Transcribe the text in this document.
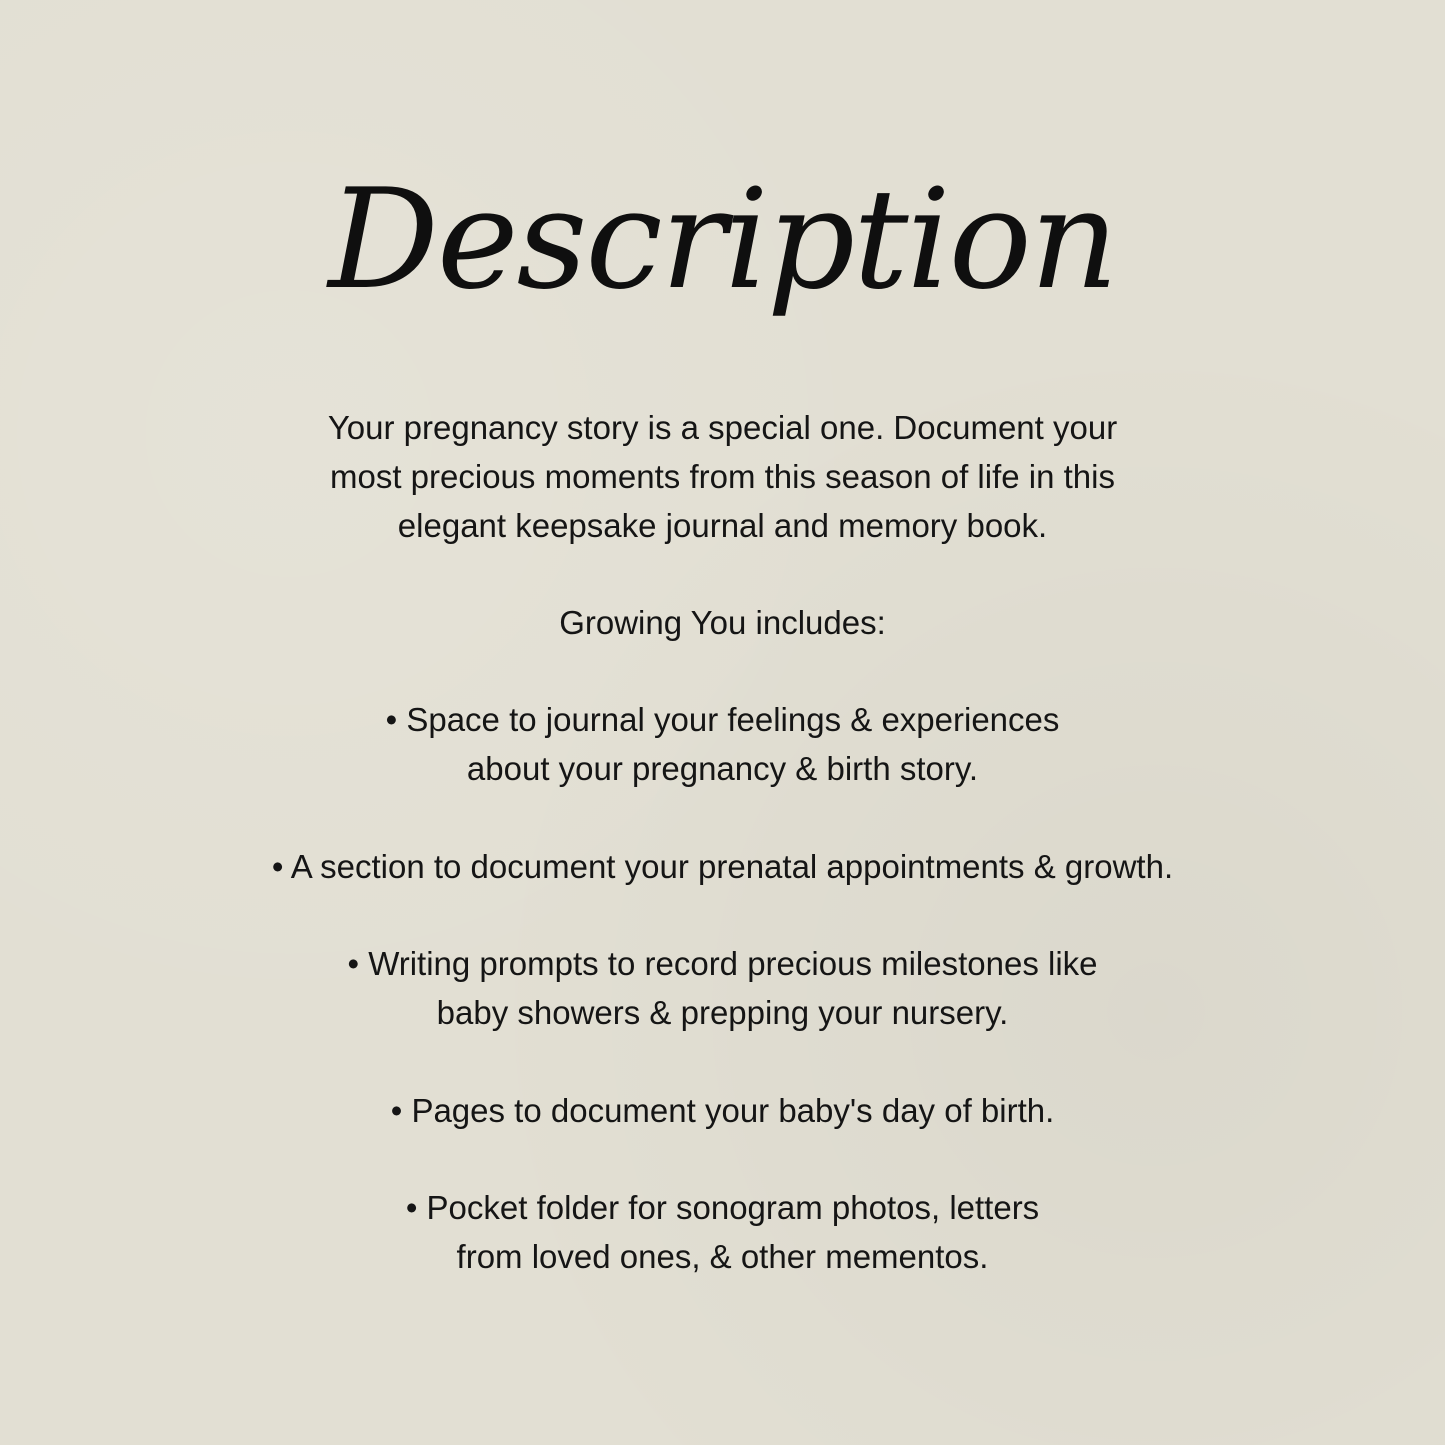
Description

Your pregnancy story is a special one. Document your
most precious moments from this season of life in this
elegant keepsake journal and memory book.

Growing You includes:

• Space to journal your feelings & experiences
about your pregnancy & birth story.

• A section to document your prenatal appointments & growth.

• Writing prompts to record precious milestones like
baby showers & prepping your nursery.

• Pages to document your baby's day of birth.

• Pocket folder for sonogram photos, letters
from loved ones, & other mementos.
